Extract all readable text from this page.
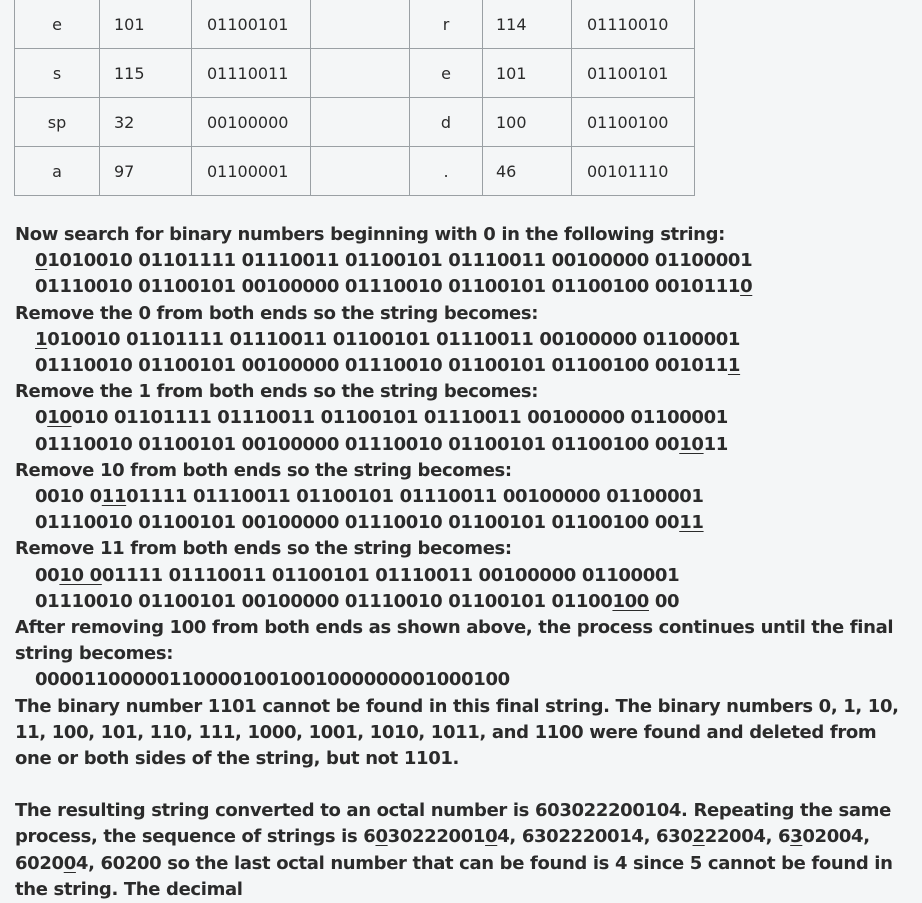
e	101	01100101		r	114	01110010
s	115	01110011		e	101	01100101
sp	32	00100000		d	100	01100100
a	97	01100001		.	46	00101110
Now search for binary numbers beginning with 0 in the following string:
01010010 01101111 01110011 01100101 01110011 00100000 01100001
01110010 01100101 00100000 01110010 01100101 01100100 00101110
Remove the 0 from both ends so the string becomes:
1010010 01101111 01110011 01100101 01110011 00100000 01100001
01110010 01100101 00100000 01110010 01100101 01100100 0010111
Remove the 1 from both ends so the string becomes:
010010 01101111 01110011 01100101 01110011 00100000 01100001
01110010 01100101 00100000 01110010 01100101 01100100 001011
Remove 10 from both ends so the string becomes:
0010 01101111 01110011 01100101 01110011 00100000 01100001
01110010 01100101 00100000 01110010 01100101 01100100 0011
Remove 11 from both ends so the string becomes:
0010 001111 01110011 01100101 01110011 00100000 01100001
01110010 01100101 00100000 01110010 01100101 01100100 00
After removing 100 from both ends as shown above, the process continues until the final string becomes:
000011000001100001001001000000001000100
The binary number 1101 cannot be found in this final string. The binary numbers 0, 1, 10, 11, 100, 101, 110, 111, 1000, 1001, 1010, 1011, and 1100 were found and deleted from one or both sides of the string, but not 1101.
The resulting string converted to an octal number is 603022200104. Repeating the same process, the sequence of strings is 603022200104, 6302220014, 630222004, 6302004, 602004, 60200 so the last octal number that can be found is 4 since 5 cannot be found in the string. The decimal
